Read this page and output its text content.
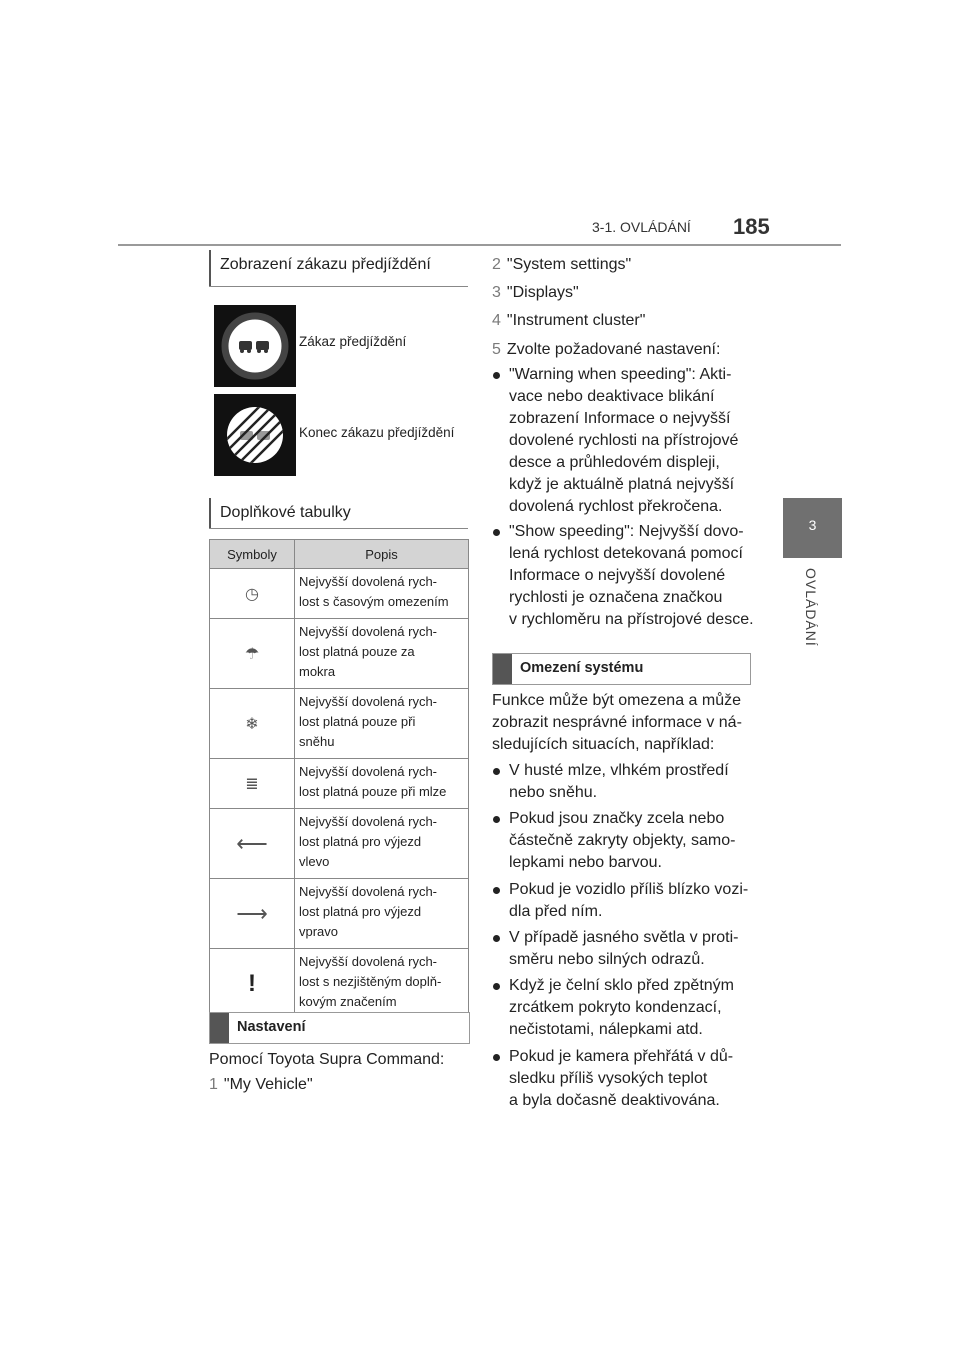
3-1. OVLÁDÁNÍ 185
3
OVLÁDÁNÍ
Zobrazení zákazu předjíždění
Zákaz předjíždění
Konec zákazu předjíždění
Doplňkové tabulky
Symboly	Popis
◷	Nejvyšší dovolená rych-
lost s časovým omezením
☂	Nejvyšší dovolená rych-
lost platná pouze za
mokra
❄	Nejvyšší dovolená rych-
lost platná pouze při
sněhu
≣	Nejvyšší dovolená rych-
lost platná pouze při mlze
⟵	Nejvyšší dovolená rych-
lost platná pro výjezd
vlevo
⟶	Nejvyšší dovolená rych-
lost platná pro výjezd
vpravo
!	Nejvyšší dovolená rych-
lost s nezjištěným doplň-
kovým značením
Nastavení
Pomocí Toyota Supra Command:
1 "My Vehicle"
2 "System settings"
3 "Displays"
4 "Instrument cluster"
5 Zvolte požadované nastavení:
"Warning when speeding": Akti-
vace nebo deaktivace blikání
zobrazení Informace o nejvyšší
dovolené rychlosti na přístrojové
desce a průhledovém displeji,
když je aktuálně platná nejvyšší
dovolená rychlost překročena.
"Show speeding": Nejvyšší dovo-
lená rychlost detekovaná pomocí
Informace o nejvyšší dovolené
rychlosti je označena značkou
v rychloměru na přístrojové desce.
Omezení systému
Funkce může být omezena a může
zobrazit nesprávné informace v ná-
sledujících situacích, například:
V husté mlze, vlhkém prostředí
nebo sněhu.
Pokud jsou značky zcela nebo
částečně zakryty objekty, samo-
lepkami nebo barvou.
Pokud je vozidlo příliš blízko vozi-
dla před ním.
V případě jasného světla v proti-
směru nebo silných odrazů.
Když je čelní sklo před zpětným
zrcátkem pokryto kondenzací,
nečistotami, nálepkami atd.
Pokud je kamera přehřátá v dů-
sledku příliš vysokých teplot
a byla dočasně deaktivována.
